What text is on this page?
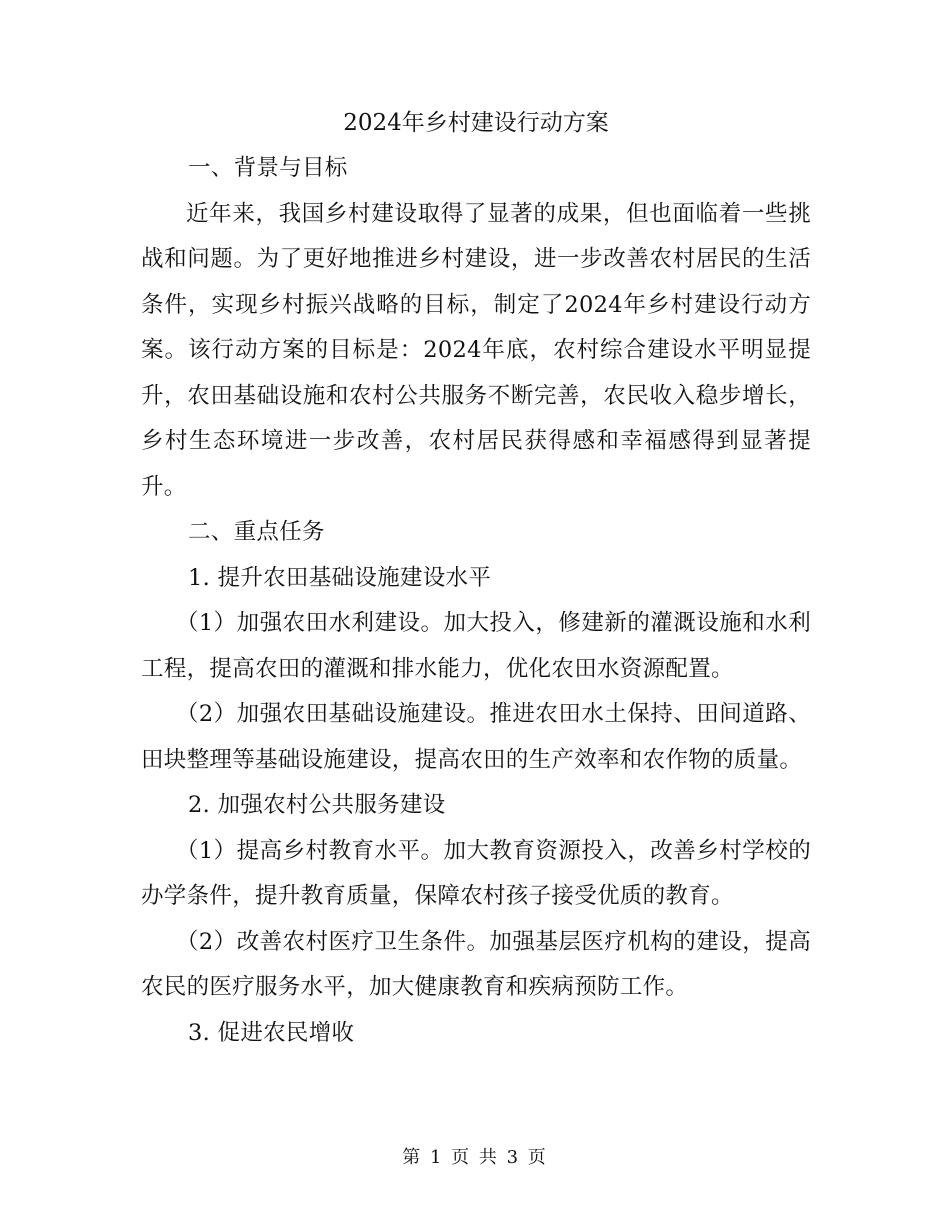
2024年乡村建设行动方案

一、背景与目标

近年来，我国乡村建设取得了显著的成果，但也面临着一些挑战和问题。为了更好地推进乡村建设，进一步改善农村居民的生活条件，实现乡村振兴战略的目标，制定了2024年乡村建设行动方案。该行动方案的目标是：2024年底，农村综合建设水平明显提升，农田基础设施和农村公共服务不断完善，农民收入稳步增长，乡村生态环境进一步改善，农村居民获得感和幸福感得到显著提升。

二、重点任务

1. 提升农田基础设施建设水平

（1）加强农田水利建设。加大投入，修建新的灌溉设施和水利工程，提高农田的灌溉和排水能力，优化农田水资源配置。

（2）加强农田基础设施建设。推进农田水土保持、田间道路、田块整理等基础设施建设，提高农田的生产效率和农作物的质量。

2. 加强农村公共服务建设

（1）提高乡村教育水平。加大教育资源投入，改善乡村学校的办学条件，提升教育质量，保障农村孩子接受优质的教育。

（2）改善农村医疗卫生条件。加强基层医疗机构的建设，提高农民的医疗服务水平，加大健康教育和疾病预防工作。

3. 促进农民增收

第 1 页 共 3 页
